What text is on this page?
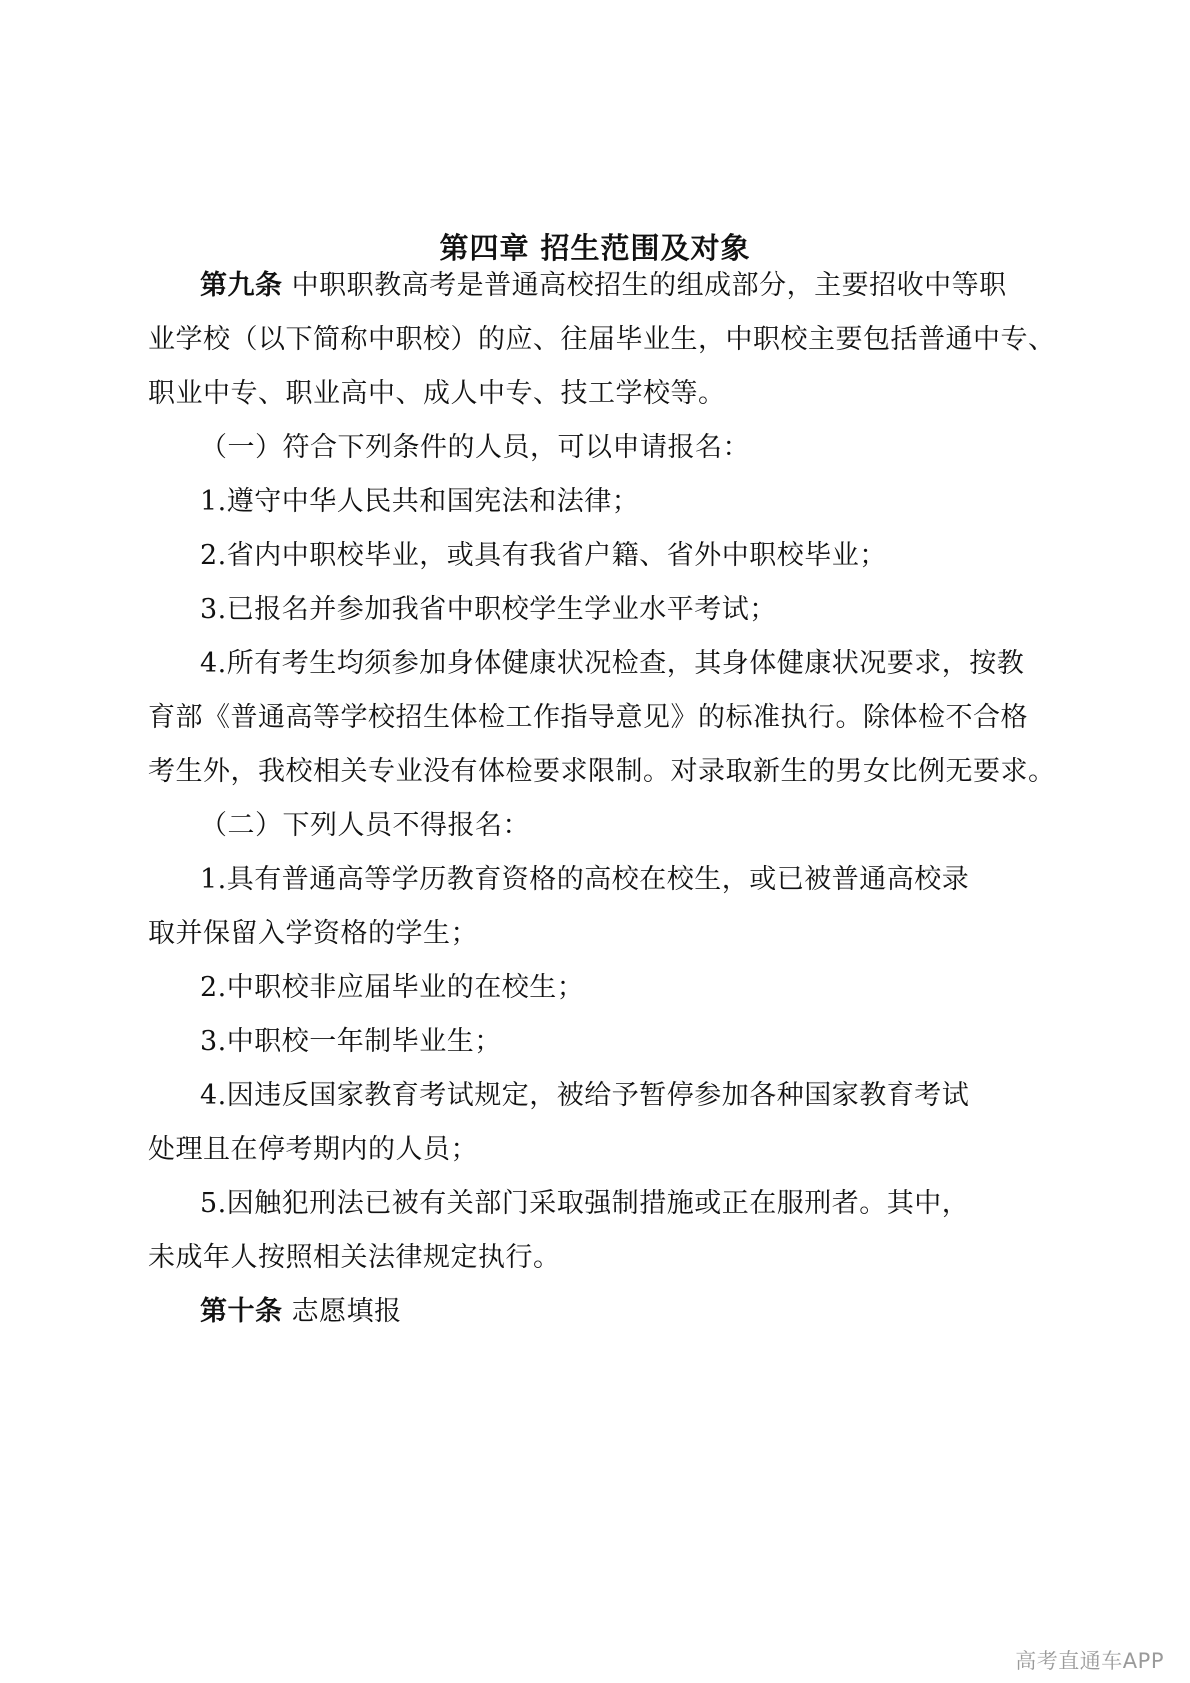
第四章 招生范围及对象
第九条 中职职教高考是普通高校招生的组成部分，主要招收中等职
业学校（以下简称中职校）的应、往届毕业生，中职校主要包括普通中专、
职业中专、职业高中、成人中专、技工学校等。
（一）符合下列条件的人员，可以申请报名：
1.遵守中华人民共和国宪法和法律；
2.省内中职校毕业，或具有我省户籍、省外中职校毕业；
3.已报名并参加我省中职校学生学业水平考试；
4.所有考生均须参加身体健康状况检查，其身体健康状况要求，按教
育部《普通高等学校招生体检工作指导意见》的标准执行。除体检不合格
考生外，我校相关专业没有体检要求限制。对录取新生的男女比例无要求。
（二）下列人员不得报名：
1.具有普通高等学历教育资格的高校在校生，或已被普通高校录
取并保留入学资格的学生；
2.中职校非应届毕业的在校生；
3.中职校一年制毕业生；
4.因违反国家教育考试规定，被给予暂停参加各种国家教育考试
处理且在停考期内的人员；
5.因触犯刑法已被有关部门采取强制措施或正在服刑者。其中，
未成年人按照相关法律规定执行。
第十条 志愿填报
高考直通车APP
